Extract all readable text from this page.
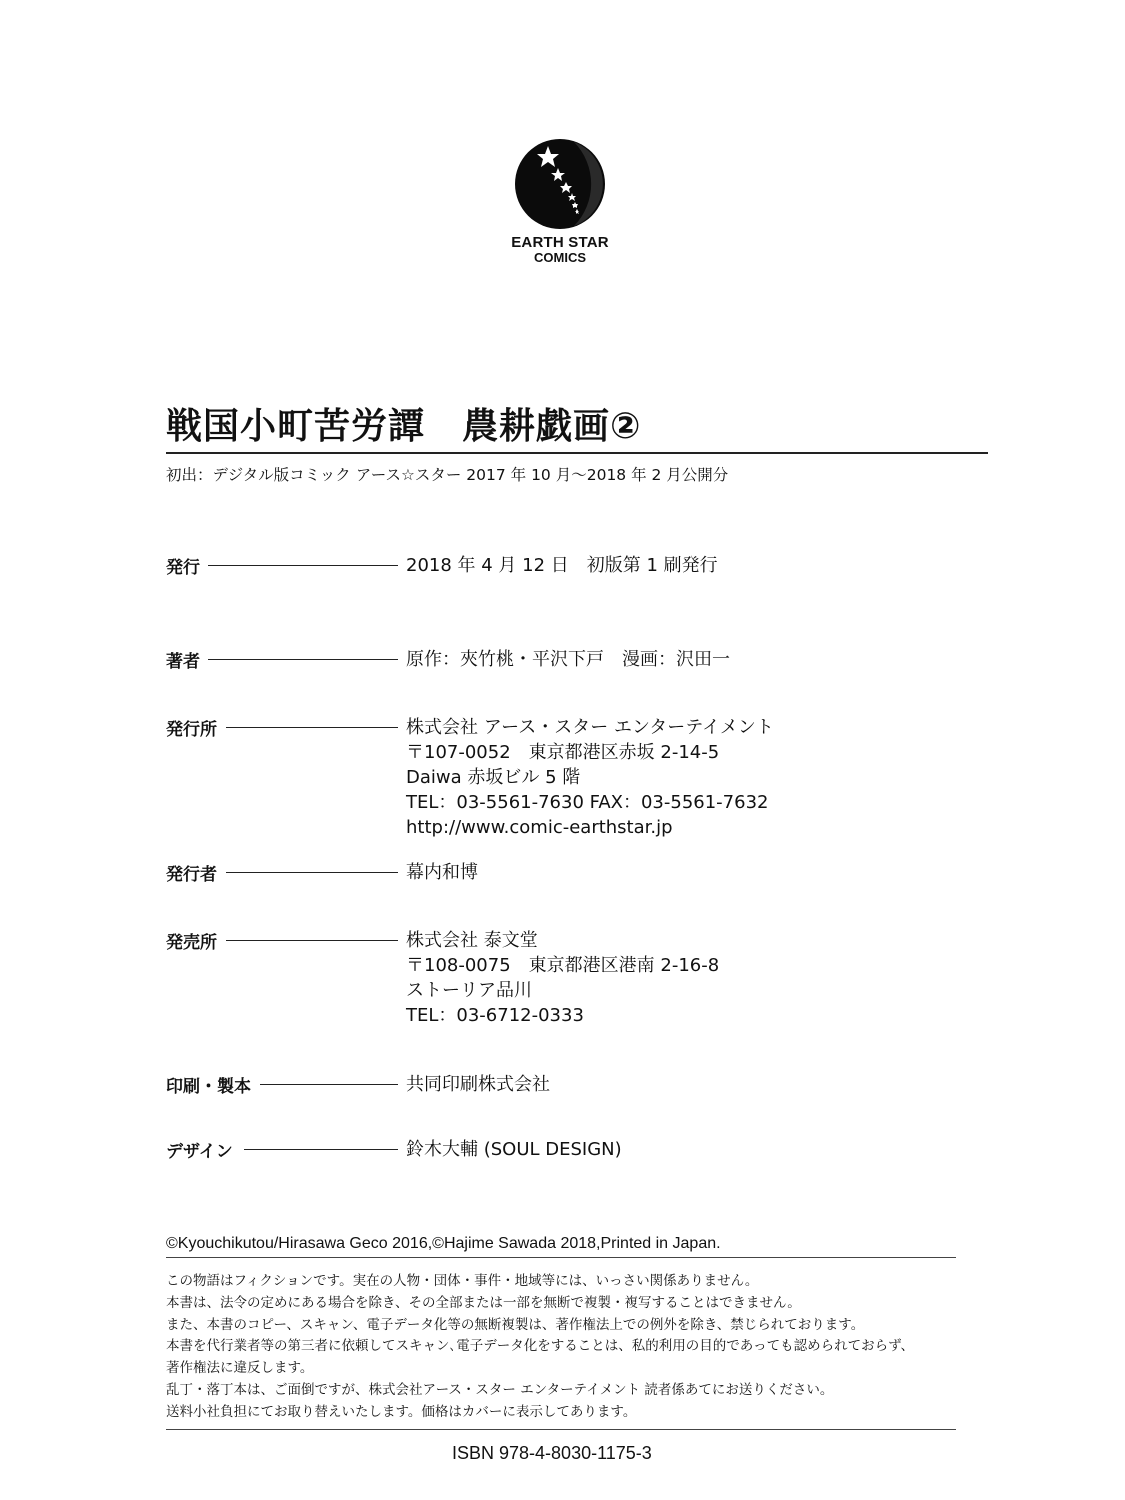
EARTH STAR
COMICS
戦国小町苦労譚　農耕戯画②
初出：デジタル版コミック アース☆スター 2017 年 10 月～2018 年 2 月公開分
発行	2018 年 4 月 12 日　初版第 1 刷発行
著者	原作：夾竹桃・平沢下戸　漫画：沢田一
発行所	株式会社 アース・スター エンターテイメント
〒107-0052　東京都港区赤坂 2-14-5
Daiwa 赤坂ビル 5 階
TEL：03-5561-7630 FAX：03-5561-7632
http://www.comic-earthstar.jp
発行者	幕内和博
発売所	株式会社 泰文堂
〒108-0075　東京都港区港南 2-16-8
ストーリア品川
TEL：03-6712-0333
印刷・製本	共同印刷株式会社
デザイン	鈴木大輔 (SOUL DESIGN)
©Kyouchikutou/Hirasawa Geco 2016,©Hajime Sawada 2018,Printed in Japan.
この物語はフィクションです。実在の人物・団体・事件・地域等には、いっさい関係ありません。
本書は、法令の定めにある場合を除き、その全部または一部を無断で複製・複写することはできません。
また、本書のコピー、スキャン、電子データ化等の無断複製は、著作権法上での例外を除き、禁じられております。
本書を代行業者等の第三者に依頼してスキャン､電子データ化をすることは、私的利用の目的であっても認められておらず、
著作権法に違反します。
乱丁・落丁本は、ご面倒ですが、株式会社アース・スター エンターテイメント 読者係あてにお送りください。
送料小社負担にてお取り替えいたします。価格はカバーに表示してあります。
ISBN 978-4-8030-1175-3
